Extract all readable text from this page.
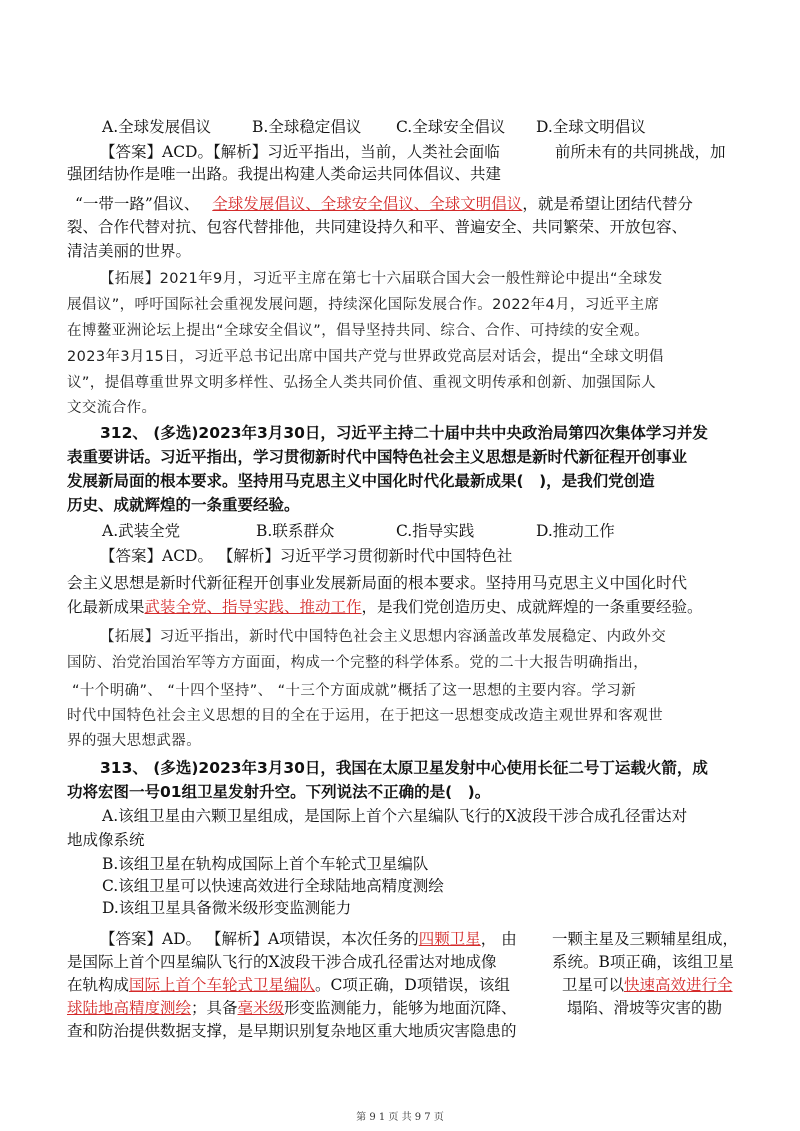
A.全球发展倡议	B.全球稳定倡议 C.全球安全倡议 D.全球文明倡议
【答案】ACD。【解析】习近平指出，当前，人类社会面临	前所未有的共同挑战，加
强团结协作是唯一出路。我提出构建人类命运共同体倡议、共建
“一带一路”倡议、 全球发展倡议、全球安全倡议、全球文明倡议，就是希望让团结代替分
裂、合作代替对抗、包容代替排他，共同建设持久和平、普遍安全、共同繁荣、开放包容、
清洁美丽的世界。
【拓展】2021年9月，习近平主席在第七十六届联合国大会一般性辩论中提出“全球发
展倡议”，呼吁国际社会重视发展问题，持续深化国际发展合作。2022年4月，习近平主席
在博鳌亚洲论坛上提出“全球安全倡议”，倡导坚持共同、综合、合作、可持续的安全观。
2023年3月15日，习近平总书记出席中国共产党与世界政党高层对话会，提出“全球文明倡
议”，提倡尊重世界文明多样性、弘扬全人类共同价值、重视文明传承和创新、加强国际人
文交流合作。
312、 (多选)2023年3月30日，习近平主持二十届中共中央政治局第四次集体学习并发
表重要讲话。习近平指出，学习贯彻新时代中国特色社会主义思想是新时代新征程开创事业
发展新局面的根本要求。坚持用马克思主义中国化时代化最新成果(　)，是我们党创造
历史、成就辉煌的一条重要经验。
A.武装全党	B.联系群众	C.指导实践	D.推动工作
【答案】ACD。 【解析】习近平学习贯彻新时代中国特色社
会主义思想是新时代新征程开创事业发展新局面的根本要求。坚持用马克思主义中国化时代
化最新成果武装全党、指导实践、推动工作，是我们党创造历史、成就辉煌的一条重要经验。
【拓展】习近平指出，新时代中国特色社会主义思想内容涵盖改革发展稳定、内政外交
国防、治党治国治军等方方面面，构成一个完整的科学体系。党的二十大报告明确指出，
“十个明确”、 “十四个坚持”、 “十三个方面成就”概括了这一思想的主要内容。学习新
时代中国特色社会主义思想的目的全在于运用，在于把这一思想变成改造主观世界和客观世
界的强大思想武器。
313、 (多选)2023年3月30日，我国在太原卫星发射中心使用长征二号丁运载火箭，成
功将宏图一号01组卫星发射升空。下列说法不正确的是(　)。
A.该组卫星由六颗卫星组成，是国际上首个六星编队飞行的X波段干涉合成孔径雷达对
地成像系统
B.该组卫星在轨构成国际上首个车轮式卫星编队
C.该组卫星可以快速高效进行全球陆地高精度测绘
D.该组卫星具备微米级形变监测能力
【答案】AD。 【解析】A项错误，本次任务的四颗卫星， 由 一颗主星及三颗辅星组成，
是国际上首个四星编队飞行的X波段干涉合成孔径雷达对地成像	系统。B项正确，该组卫星
在轨构成国际上首个车轮式卫星编队。C项正确，D项错误，该组	卫星可以快速高效进行全
球陆地高精度测绘；具备毫米级形变监测能力，能够为地面沉降、	塌陷、滑坡等灾害的勘
查和防治提供数据支撑，是早期识别复杂地区重大地质灾害隐患的
第 9 1 页 共 9 7 页
